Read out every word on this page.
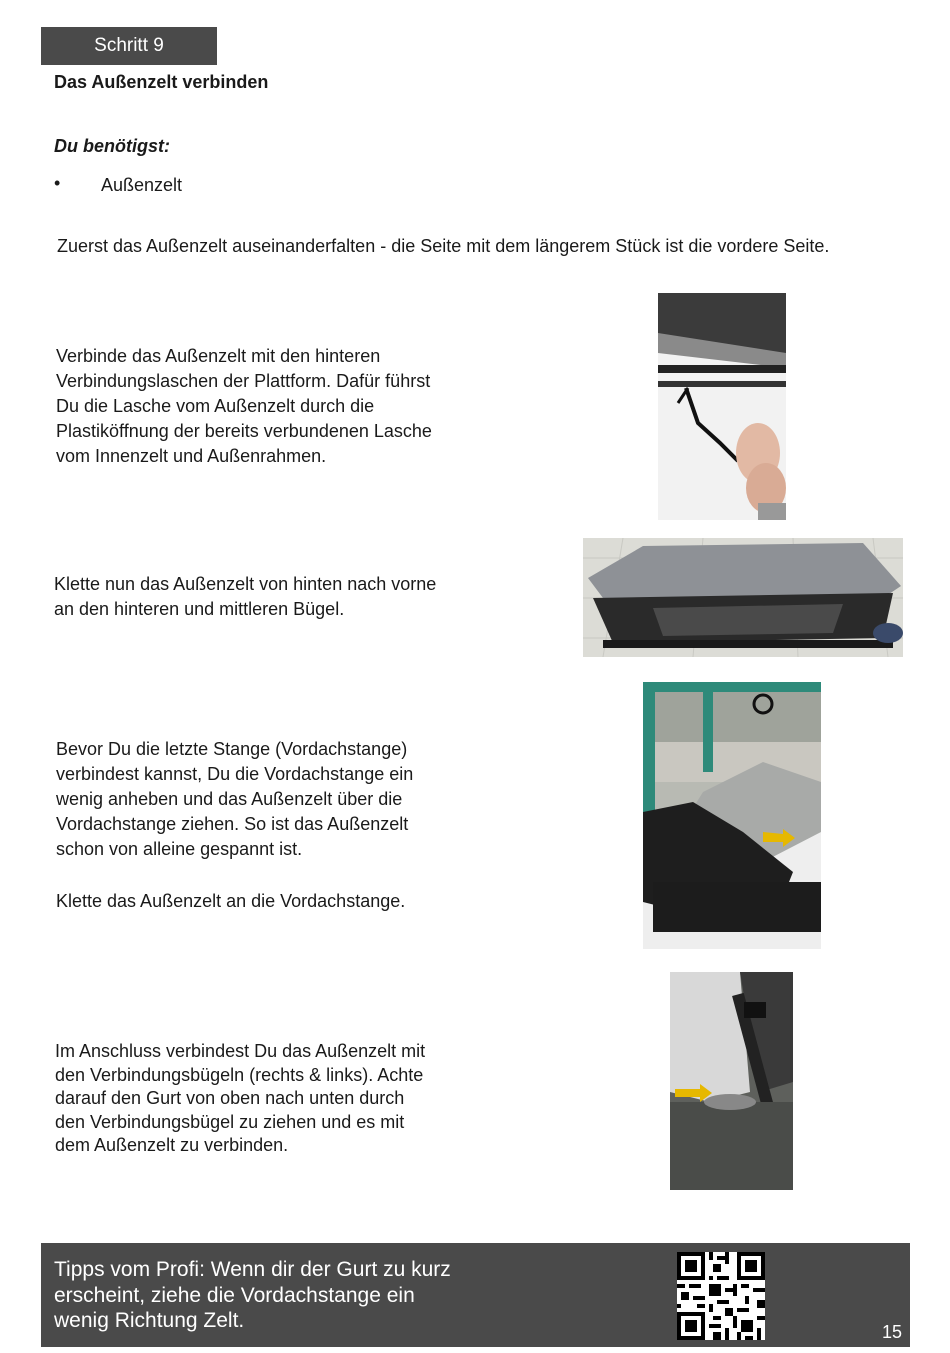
Schritt 9
Das Außenzelt verbinden
Du benötigst:
• Außenzelt
Zuerst das Außenzelt auseinanderfalten - die Seite mit dem längerem Stück ist die vordere Seite.
Verbinde das Außenzelt mit den hinteren
Verbindungslaschen der Plattform. Dafür führst
Du die Lasche vom Außenzelt durch die
Plastiköffnung der bereits verbundenen Lasche
vom Innenzelt und Außenrahmen.
Klette nun das Außenzelt von hinten nach vorne
an den hinteren und mittleren Bügel.
Bevor Du die letzte Stange (Vordachstange)
verbindest kannst, Du die Vordachstange ein
wenig anheben und das Außenzelt über die
Vordachstange ziehen. So ist das Außenzelt
schon von alleine gespannt ist.
Klette das Außenzelt an die Vordachstange.
Im Anschluss verbindest Du das Außenzelt mit
den Verbindungsbügeln (rechts & links). Achte
darauf den Gurt von oben nach unten durch
den Verbindungsbügel zu ziehen und es mit
dem Außenzelt zu verbinden.
Tipps vom Profi: Wenn dir der Gurt zu kurz
erscheint, ziehe die Vordachstange ein
wenig Richtung Zelt.	15
